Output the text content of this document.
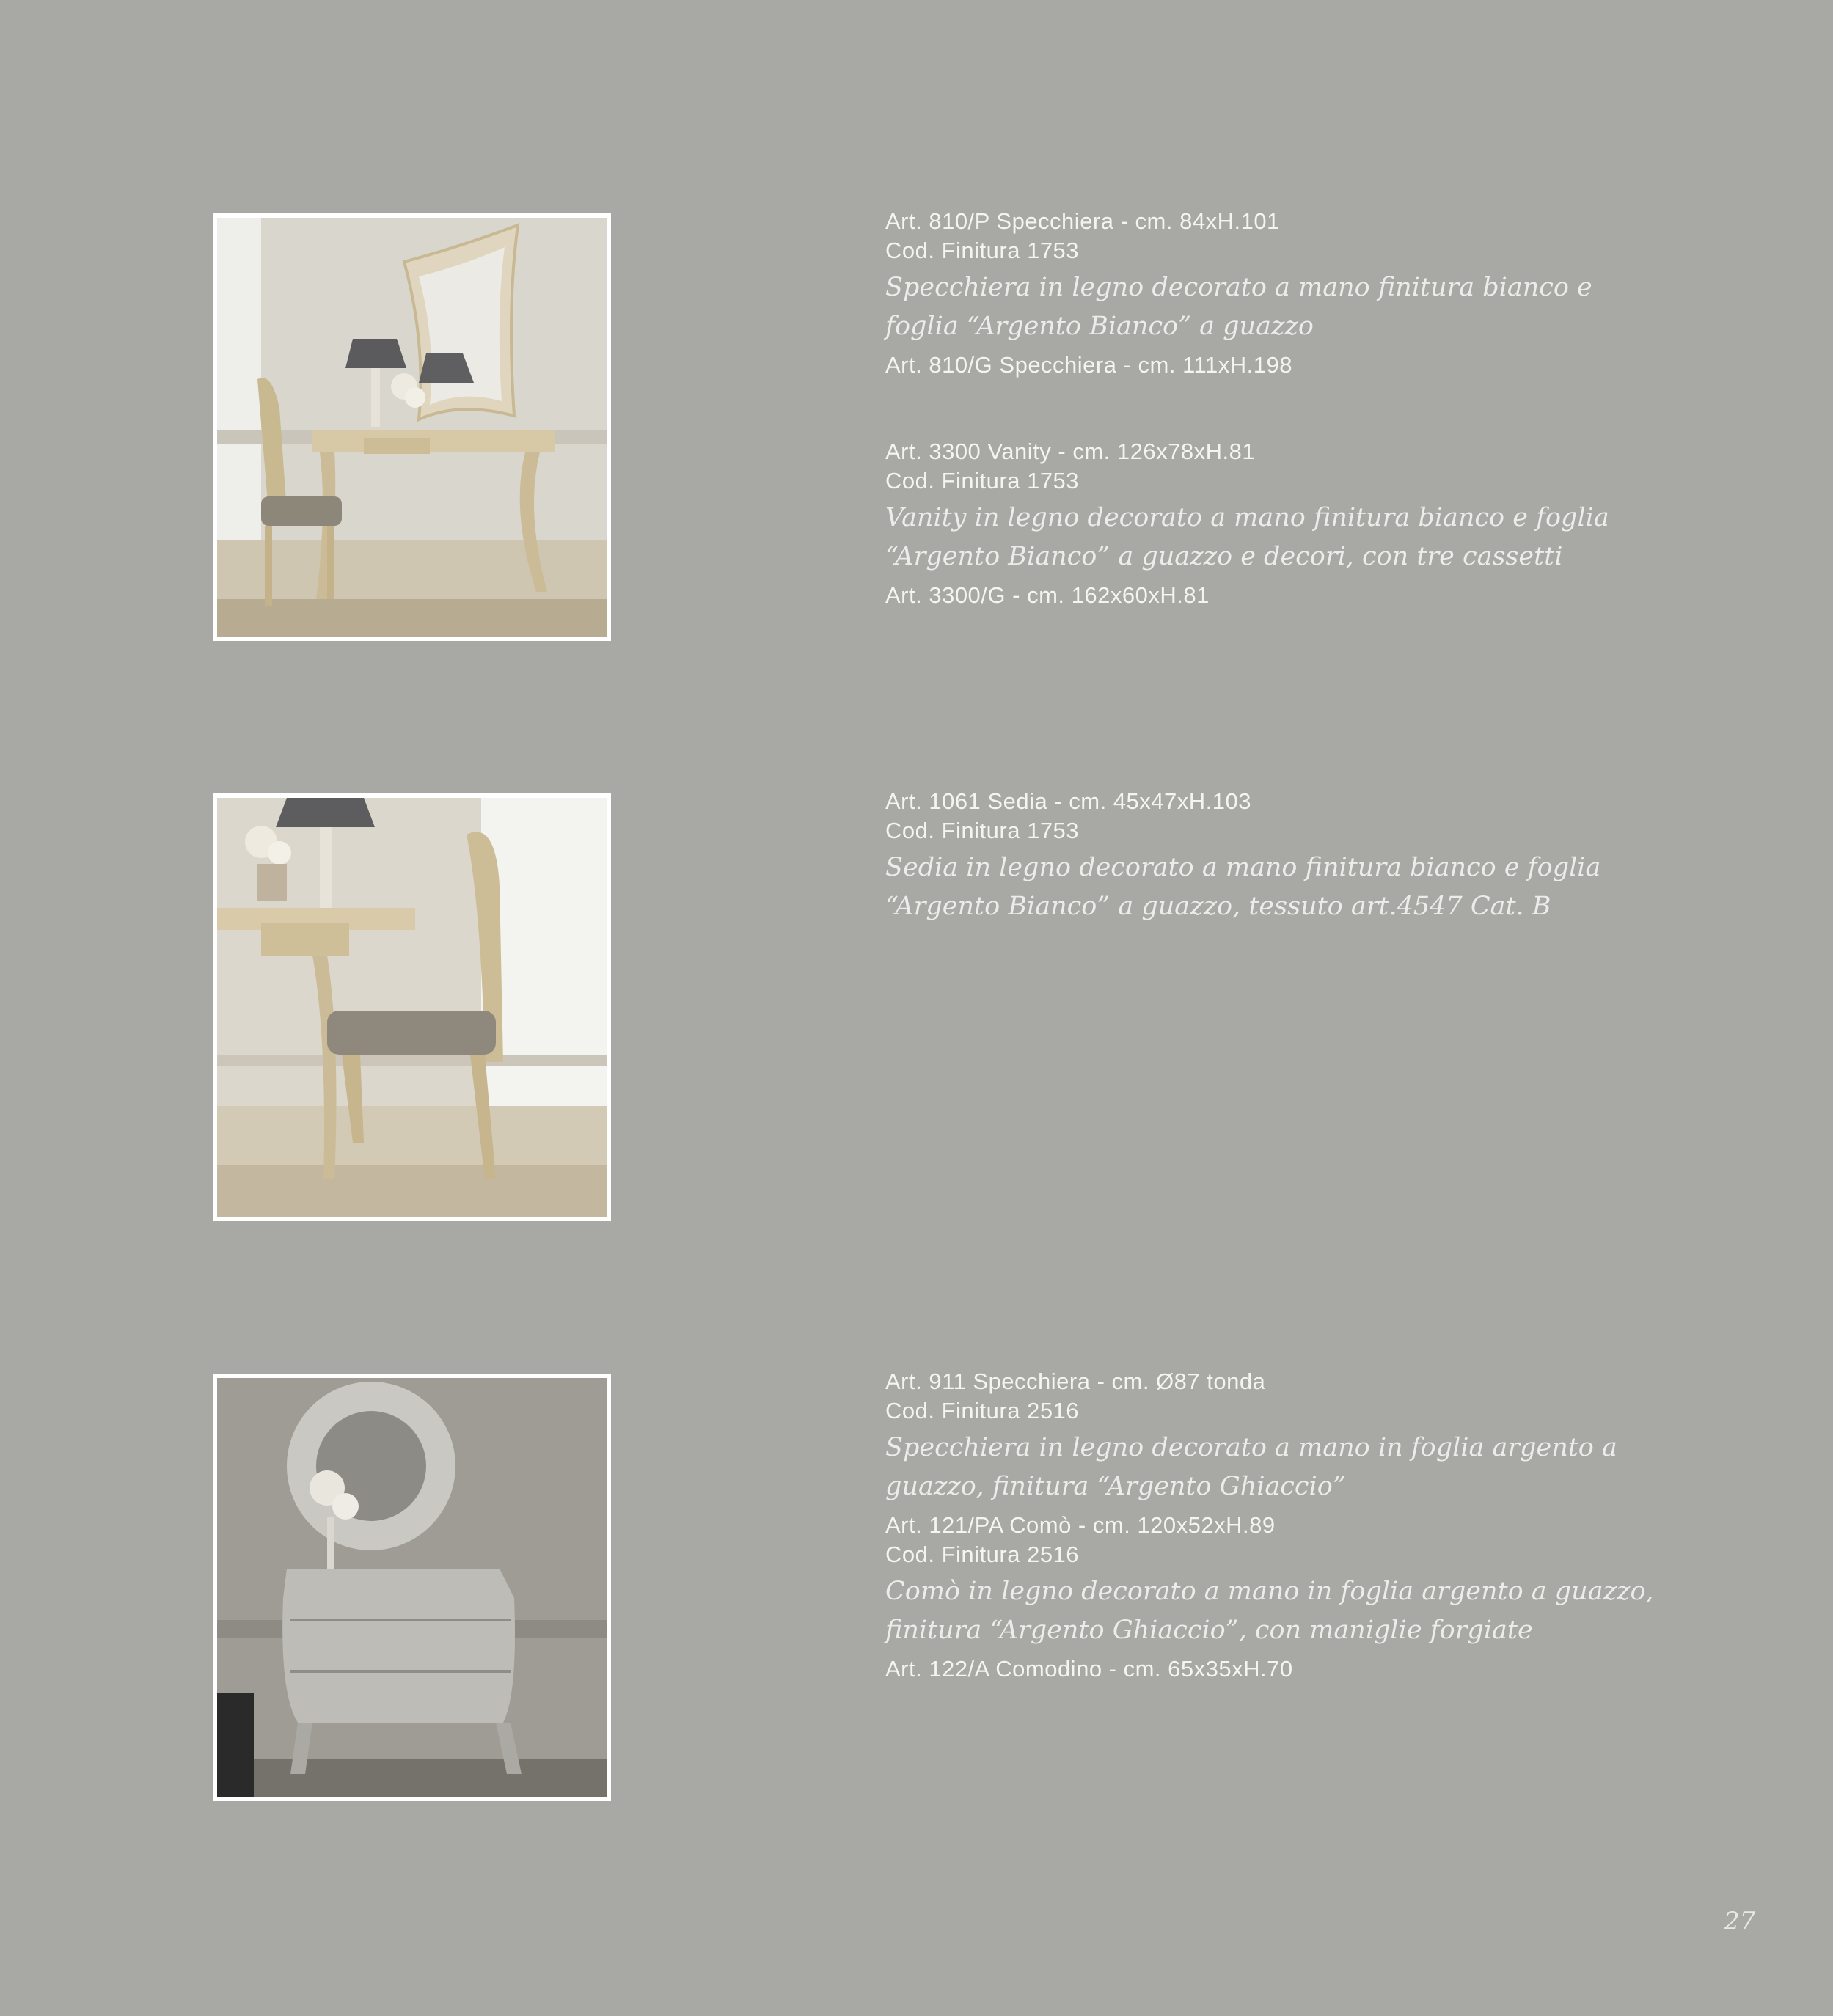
Art. 810/P Specchiera - cm. 84xH.101
Cod. Finitura 1753
Specchiera in legno decorato a mano finitura bianco e foglia “Argento Bianco” a guazzo
Art. 810/G Specchiera - cm. 111xH.198
Art. 3300 Vanity - cm. 126x78xH.81
Cod. Finitura 1753
Vanity in legno decorato a mano finitura bianco e foglia “Argento Bianco” a guazzo e decori, con tre cassetti
Art. 3300/G - cm. 162x60xH.81
Art. 1061 Sedia - cm. 45x47xH.103
Cod. Finitura 1753
Sedia in legno decorato a mano finitura bianco e foglia “Argento Bianco” a guazzo, tessuto art.4547 Cat. B
Art. 911 Specchiera - cm. Ø87 tonda
Cod. Finitura 2516
Specchiera in legno decorato a mano in foglia argento a guazzo, finitura “Argento Ghiaccio”
Art. 121/PA Comò - cm. 120x52xH.89
Cod. Finitura 2516
Comò in legno decorato a mano in foglia argento a guazzo, finitura “Argento Ghiaccio”, con maniglie forgiate
Art. 122/A Comodino - cm. 65x35xH.70
27
